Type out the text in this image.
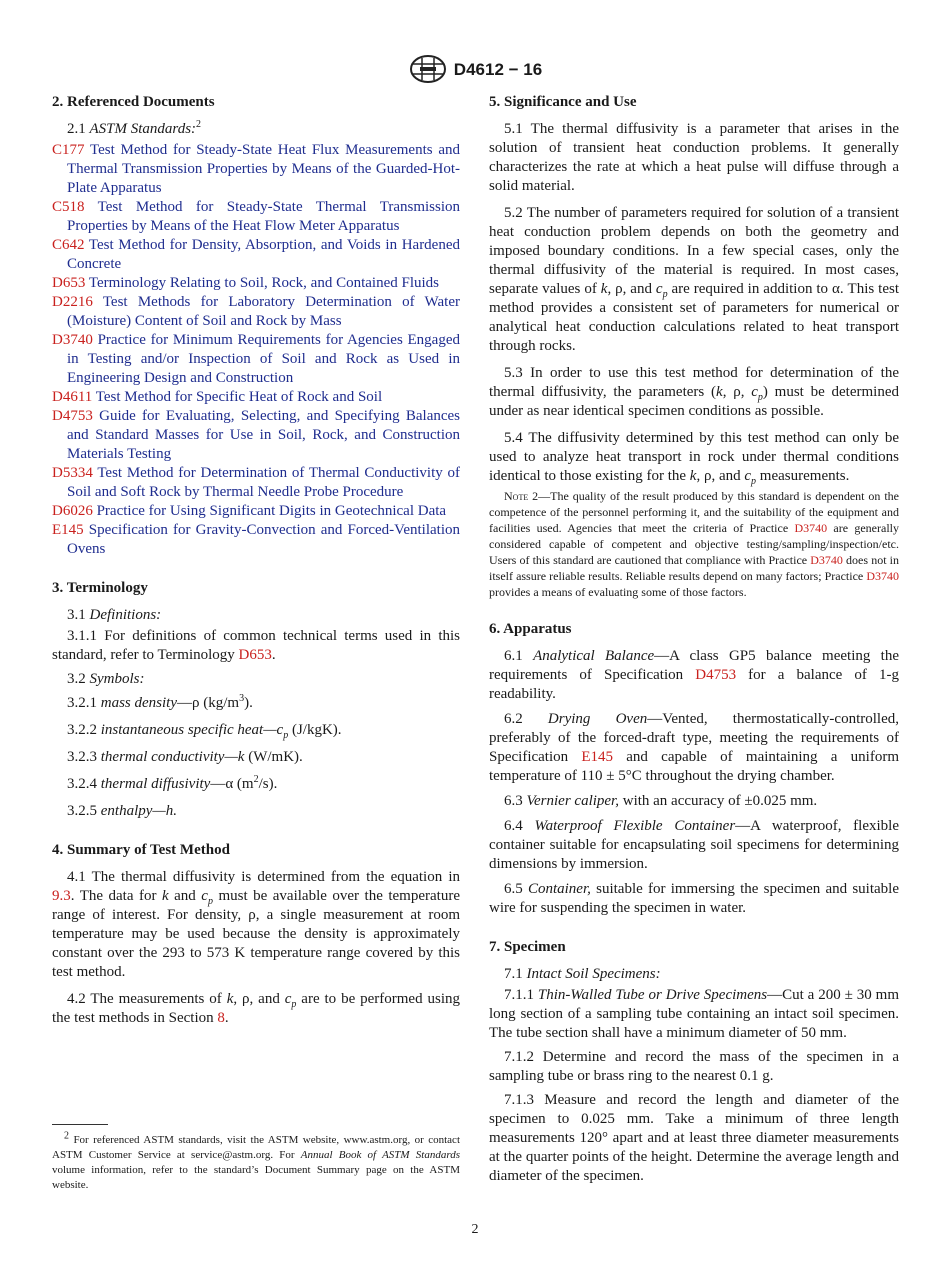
D4612 − 16
2. Referenced Documents

2.1 ASTM Standards:$^2$

C177 Test Method for Steady-State Heat Flux Measurements and Thermal Transmission Properties by Means of the Guarded-Hot-Plate Apparatus

C518 Test Method for Steady-State Thermal Transmission Properties by Means of the Heat Flow Meter Apparatus

C642 Test Method for Density, Absorption, and Voids in Hardened Concrete

D653 Terminology Relating to Soil, Rock, and Contained Fluids

D2216 Test Methods for Laboratory Determination of Water (Moisture) Content of Soil and Rock by Mass

D3740 Practice for Minimum Requirements for Agencies Engaged in Testing and/or Inspection of Soil and Rock as Used in Engineering Design and Construction

D4611 Test Method for Specific Heat of Rock and Soil

D4753 Guide for Evaluating, Selecting, and Specifying Balances and Standard Masses for Use in Soil, Rock, and Construction Materials Testing

D5334 Test Method for Determination of Thermal Conductivity of Soil and Soft Rock by Thermal Needle Probe Procedure

D6026 Practice for Using Significant Digits in Geotechnical Data

E145 Specification for Gravity-Convection and Forced-Ventilation Ovens

3. Terminology

3.1 Definitions:

3.1.1 For definitions of common technical terms used in this standard, refer to Terminology D653.

3.2 Symbols:

3.2.1 mass density—ρ $(kg/m^3)$.

3.2.2 instantaneous specific $heat—c_p$ (J/kgK).

3.2.3 thermal conductivity—k (W/mK).

3.2.4 thermal diffusivity—α $(m^2/s)$.

3.2.5 enthalpy—h.

4. Summary of Test Method

4.1 The thermal diffusivity is determined from the equation in 9.3. The data for k and $c_p$ must be available over the temperature range of interest. For density, ρ, a single measurement at room temperature may be used because the density is approximately constant over the 293 to 573 K temperature range covered by this test method.

4.2 The measurements of k, ρ, and $c_p$ are to be performed using the test methods in Section 8.

$^2$ For referenced ASTM standards, visit the ASTM website, www.astm.org, or contact ASTM Customer Service at service@astm.org. For Annual Book of ASTM Standards volume information, refer to the standard’s Document Summary page on the ASTM website.

5. Significance and Use

5.1 The thermal diffusivity is a parameter that arises in the solution of transient heat conduction problems. It generally characterizes the rate at which a heat pulse will diffuse through a solid material.

5.2 The number of parameters required for solution of a transient heat conduction problem depends on both the geometry and imposed boundary conditions. In a few special cases, only the thermal diffusivity of the material is required. In most cases, separate values of k, ρ, and $c_p$ are required in addition to α. This test method provides a consistent set of parameters for numerical or analytical heat conduction calculations related to heat transport through rocks.

5.3 In order to use this test method for determination of the thermal diffusivity, the parameters (k, ρ, $c_p$) must be determined under as near identical specimen conditions as possible.

5.4 The diffusivity determined by this test method can only be used to analyze heat transport in rock under thermal conditions identical to those existing for the k, ρ, and $c_p$ measurements.

Note 2—The quality of the result produced by this standard is dependent on the competence of the personnel performing it, and the suitability of the equipment and facilities used. Agencies that meet the criteria of Practice D3740 are generally considered capable of competent and objective testing/sampling/inspection/etc. Users of this standard are cautioned that compliance with Practice D3740 does not in itself assure reliable results. Reliable results depend on many factors; Practice D3740 provides a means of evaluating some of those factors.

6. Apparatus

6.1 Analytical Balance—A class GP5 balance meeting the requirements of Specification D4753 for a balance of 1-g readability.

6.2 Drying Oven—Vented, thermostatically-controlled, preferably of the forced-draft type, meeting the requirements of Specification E145 and capable of maintaining a uniform temperature of 110 ± 5°C throughout the drying chamber.

6.3 Vernier caliper, with an accuracy of ±0.025 mm.

6.4 Waterproof Flexible Container—A waterproof, flexible container suitable for encapsulating soil specimens for determining dimensions by immersion.

6.5 Container, suitable for immersing the specimen and suitable wire for suspending the specimen in water.

7. Specimen

7.1 Intact Soil Specimens:

7.1.1 Thin-Walled Tube or Drive Specimens—Cut a 200 ± 30 mm long section of a sampling tube containing an intact soil specimen. The tube section shall have a minimum diameter of 50 mm.

7.1.2 Determine and record the mass of the specimen in a sampling tube or brass ring to the nearest 0.1 g.

7.1.3 Measure and record the length and diameter of the specimen to 0.025 mm. Take a minimum of three length measurements 120° apart and at least three diameter measurements at the quarter points of the height. Determine the average length and diameter of the specimen.

2
